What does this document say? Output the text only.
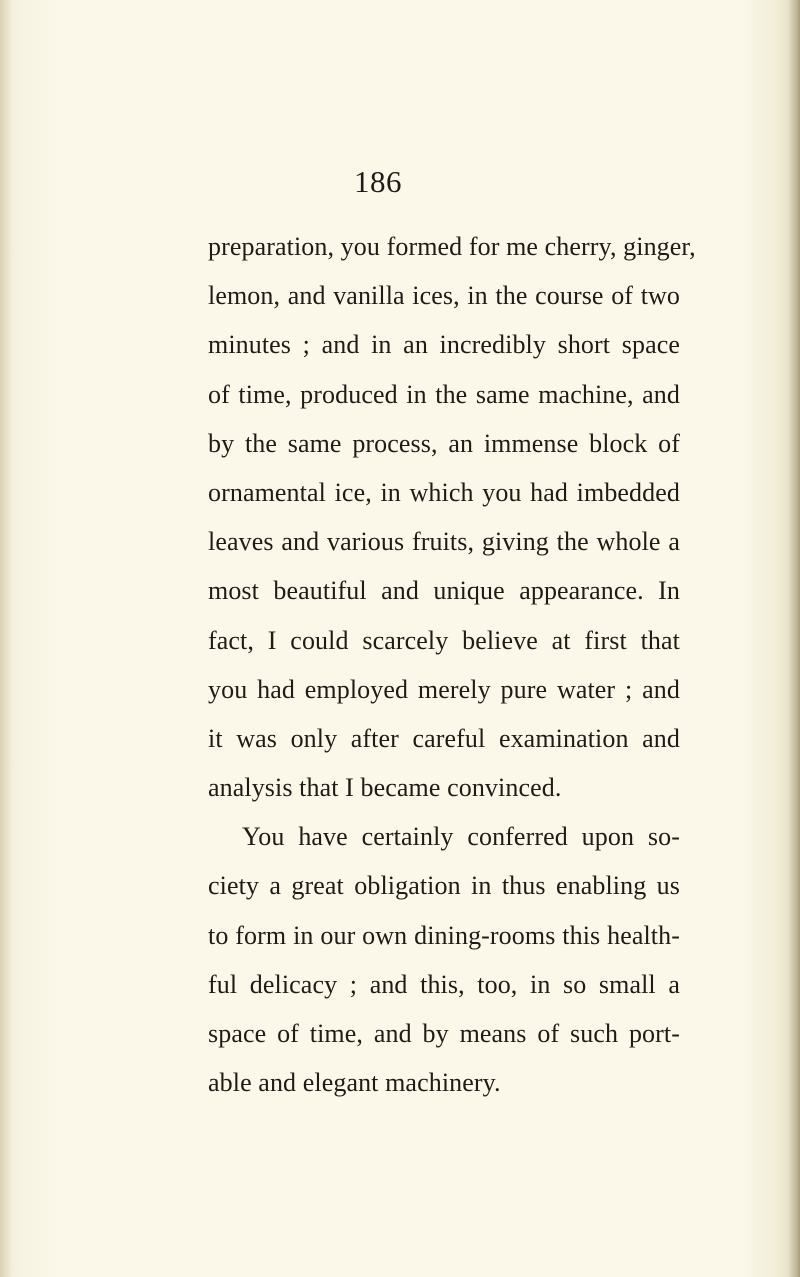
186
preparation, you formed for me cherry, ginger,
lemon, and vanilla ices, in the course of two
minutes ; and in an incredibly short space
of time, produced in the same machine, and
by the same process, an immense block of
ornamental ice, in which you had imbedded
leaves and various fruits, giving the whole a
most beautiful and unique appearance. In
fact, I could scarcely believe at first that
you had employed merely pure water ; and
it was only after careful examination and
analysis that I became convinced.
You have certainly conferred upon so-
ciety a great obligation in thus enabling us
to form in our own dining-rooms this health-
ful delicacy ; and this, too, in so small a
space of time, and by means of such port-
able and elegant machinery.
